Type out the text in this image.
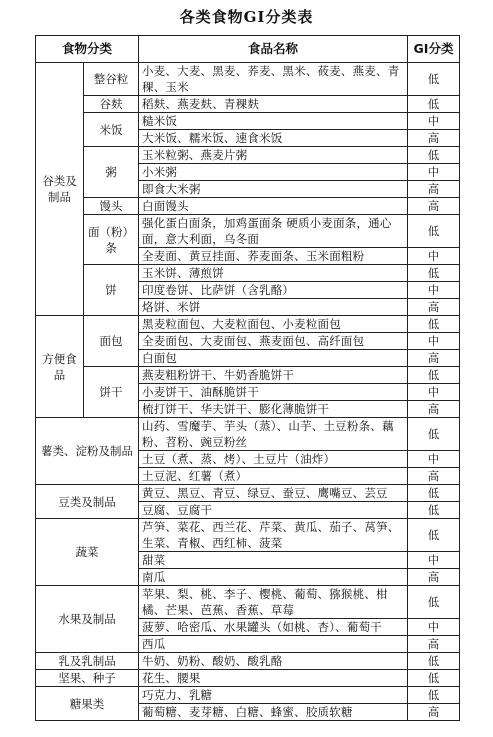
各类食物GI分类表
食物分类		食品名称	GI分类
谷类及制品	整谷粒	小麦、大麦、黑麦、荞麦、黑米、莜麦、燕麦、青稞、玉米	低
	谷麸	稻麸、燕麦麸、青稞麸	低
	米饭	糙米饭	中
		大米饭、糯米饭、速食米饭	高
	粥	玉米粒粥、燕麦片粥	低
		小米粥	中
		即食大米粥	高
	馒头	白面馒头	高
	面（粉）条	强化蛋白面条，加鸡蛋面条 硬质小麦面条，通心面，意大利面，乌冬面	低
		全麦面、黄豆挂面、荞麦面条、玉米面粗粉	中
	饼	玉米饼、薄煎饼	低
		印度卷饼、比萨饼（含乳酪）	中
		烙饼、米饼	高
方便食品	面包	黑麦粒面包、大麦粒面包、小麦粒面包	低
		全麦面包、大麦面包、燕麦面包、高纤面包	中
		白面包	高
	饼干	燕麦粗粉饼干、牛奶香脆饼干	低
		小麦饼干、油酥脆饼干	中
		梳打饼干、华夫饼干、膨化薄脆饼干	高
薯类、淀粉及制品		山药、雪魔芋、芋头（蒸）、山芋、土豆粉条、藕粉、苕粉、豌豆粉丝	低
		土豆（煮、蒸、烤）、土豆片（油炸）	中
		土豆泥、红薯（煮）	高
豆类及制品		黄豆、黑豆、青豆、绿豆、蚕豆、鹰嘴豆、芸豆	低
		豆腐、豆腐干	低
蔬菜		芦笋、菜花、西兰花、芹菜、黄瓜、茄子、莴笋、生菜、青椒、西红柿、菠菜	低
		甜菜	中
		南瓜	高
水果及制品		苹果、梨、桃、李子、樱桃、葡萄、猕猴桃、柑橘、芒果、芭蕉、香蕉、草莓	低
		菠萝、哈密瓜、水果罐头（如桃、杏）、葡萄干	中
		西瓜	高
乳及乳制品		牛奶、奶粉、酸奶、酸乳酪	低
坚果、种子		花生、腰果	低
糖果类		巧克力、乳糖	低
		葡萄糖、麦芽糖、白糖、蜂蜜、胶质软糖	高
